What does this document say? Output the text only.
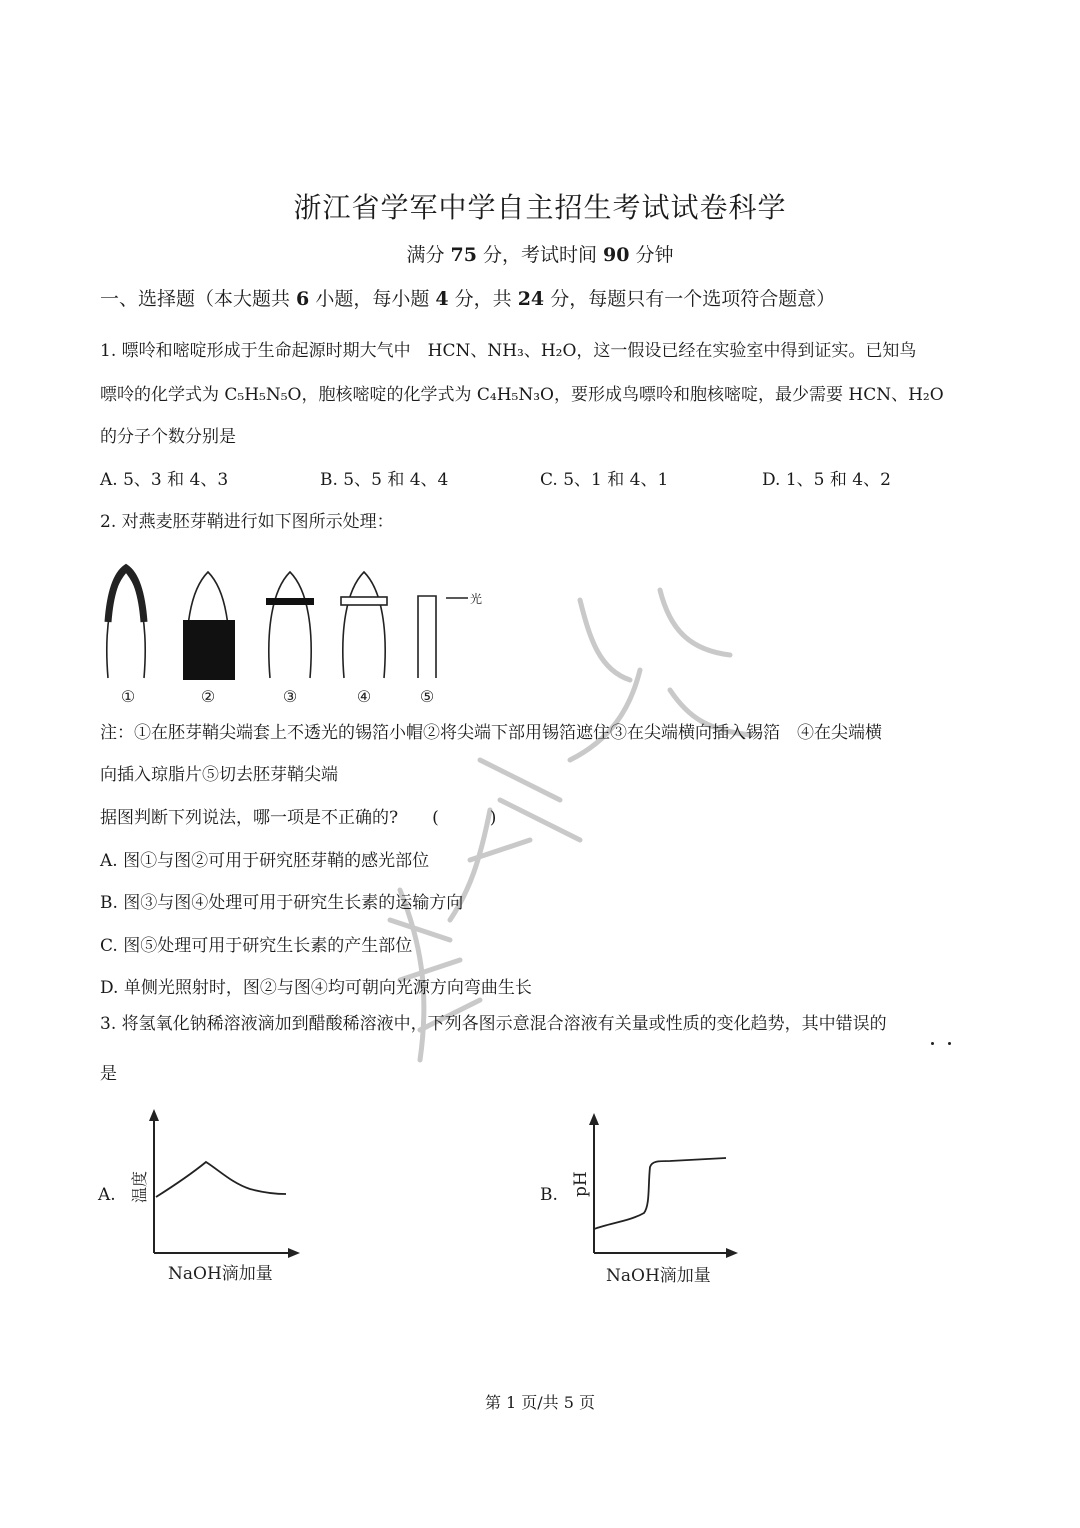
浙江省学军中学自主招生考试试卷科学
满分 75 分，考试时间 90 分钟
一、选择题（本大题共 6 小题，每小题 4 分，共 24 分，每题只有一个选项符合题意）
1. 嘌呤和嘧啶形成于生命起源时期大气中　HCN、NH₃、H₂O，这一假设已经在实验室中得到证实。已知鸟
嘌呤的化学式为 C₅H₅N₅O，胞核嘧啶的化学式为 C₄H₅N₃O，要形成鸟嘌呤和胞核嘧啶，最少需要 HCN、H₂O
的分子个数分别是
A. 5、3 和 4、3	B. 5、5 和 4、4	C. 5、1 和 4、1	D. 1、5 和 4、2
2. 对燕麦胚芽鞘进行如下图所示处理：
光
①	②	③	④	⑤
注：①在胚芽鞘尖端套上不透光的锡箔小帽②将尖端下部用锡箔遮住③在尖端横向插入锡箔　④在尖端横
向插入琼脂片⑤切去胚芽鞘尖端
据图判断下列说法，哪一项是不正确的?　　(　　　)
A. 图①与图②可用于研究胚芽鞘的感光部位
B. 图③与图④处理可用于研究生长素的运输方向
C. 图⑤处理可用于研究生长素的产生部位
D. 单侧光照射时，图②与图④均可朝向光源方向弯曲生长
3. 将氢氧化钠稀溶液滴加到醋酸稀溶液中，下列各图示意混合溶液有关量或性质的变化趋势，其中错误的
是
A. 温度
NaOH滴加量
B. pH
NaOH滴加量
第 1 页/共 5 页
